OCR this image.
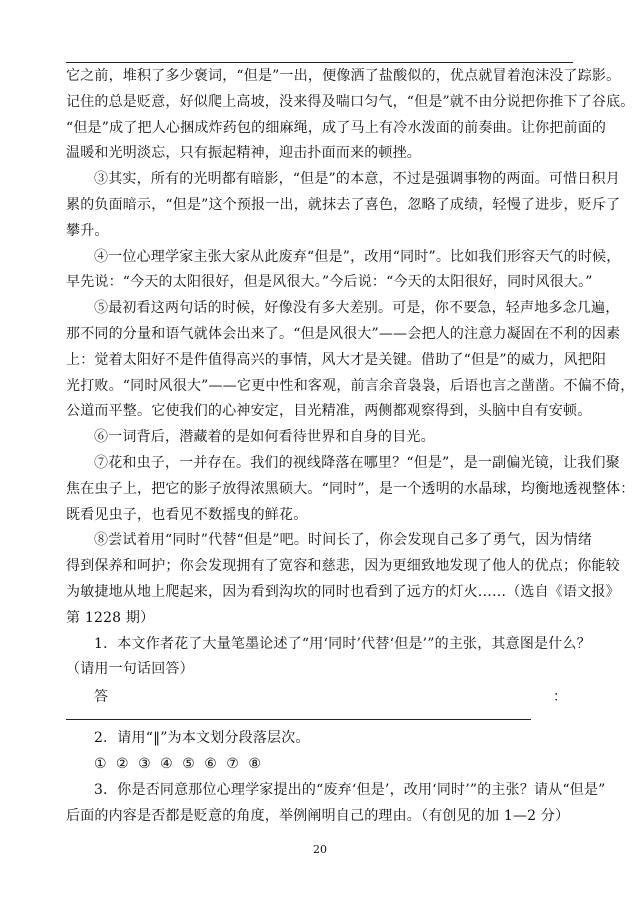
它之前，堆积了多少褒词，“但是”一出，便像洒了盐酸似的，优点就冒着泡沫没了踪影。
记住的总是贬意，好似爬上高坡，没来得及喘口匀气，“但是”就不由分说把你推下了谷底。
“但是”成了把人心捆成炸药包的细麻绳，成了马上有冷水泼面的前奏曲。让你把前面的
温暖和光明淡忘，只有振起精神，迎击扑面而来的顿挫。
③其实，所有的光明都有暗影，“但是”的本意，不过是强调事物的两面。可惜日积月
累的负面暗示，“但是”这个预报一出，就抹去了喜色，忽略了成绩，轻慢了进步，贬斥了
攀升。
④一位心理学家主张大家从此废弃“但是”，改用“同时”。比如我们形容天气的时候，
早先说：“今天的太阳很好，但是风很大。”今后说：“今天的太阳很好，同时风很大。”
⑤最初看这两句话的时候，好像没有多大差别。可是，你不要急，轻声地多念几遍，
那不同的分量和语气就体会出来了。“但是风很大”——会把人的注意力凝固在不利的因素
上：觉着太阳好不是件值得高兴的事情，风大才是关键。借助了“但是”的威力，风把阳
光打败。“同时风很大”——它更中性和客观，前言余音袅袅，后语也言之凿凿。不偏不倚，
公道而平整。它使我们的心神安定，目光精准，两侧都观察得到，头脑中自有安顿。
⑥一词背后，潜藏着的是如何看待世界和自身的目光。
⑦花和虫子，一并存在。我们的视线降落在哪里？“但是”，是一副偏光镜，让我们聚
焦在虫子上，把它的影子放得浓黑硕大。“同时”，是一个透明的水晶球，均衡地透视整体：
既看见虫子，也看见不数摇曳的鲜花。
⑧尝试着用“同时”代替“但是”吧。时间长了，你会发现自己多了勇气，因为情绪
得到保养和呵护；你会发现拥有了宽容和慈悲，因为更细致地发现了他人的优点；你能较
为敏捷地从地上爬起来，因为看到沟坎的同时也看到了远方的灯火……（选自《语文报》
第 1228 期）
1．本文作者花了大量笔墨论述了“用‘同时’代替‘但是’”的主张，其意图是什么？
（请用一句话回答）
答	：
2．请用“‖”为本文划分段落层次。
①  ②  ③  ④  ⑤  ⑥  ⑦  ⑧
3．你是否同意那位心理学家提出的“废弃‘但是’，改用‘同时’”的主张？请从“但是”
后面的内容是否都是贬意的角度，举例阐明自己的理由。（有创见的加 1—2 分）
20
